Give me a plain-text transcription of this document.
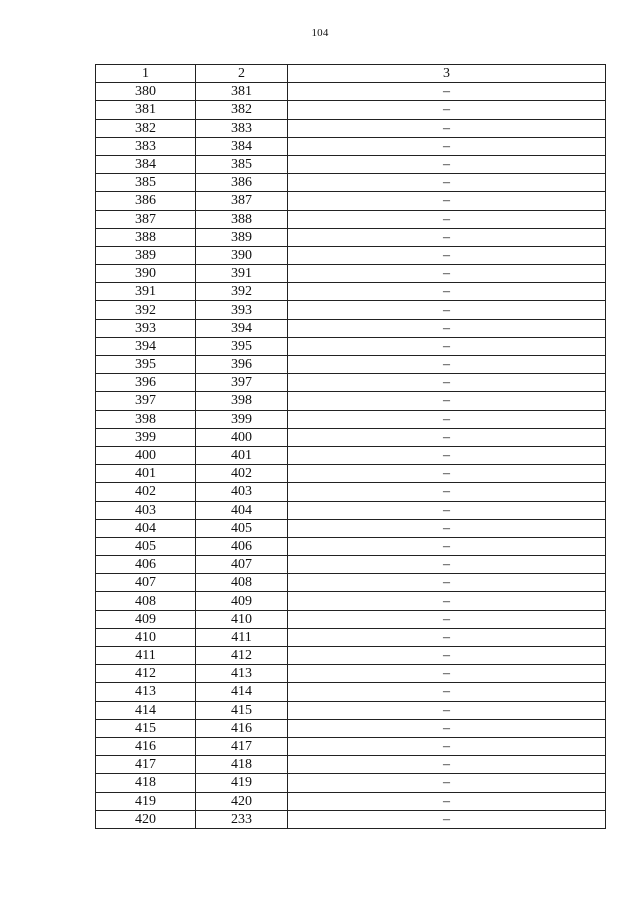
104
1	2	3
380	381	–
381	382	–
382	383	–
383	384	–
384	385	–
385	386	–
386	387	–
387	388	–
388	389	–
389	390	–
390	391	–
391	392	–
392	393	–
393	394	–
394	395	–
395	396	–
396	397	–
397	398	–
398	399	–
399	400	–
400	401	–
401	402	–
402	403	–
403	404	–
404	405	–
405	406	–
406	407	–
407	408	–
408	409	–
409	410	–
410	411	–
411	412	–
412	413	–
413	414	–
414	415	–
415	416	–
416	417	–
417	418	–
418	419	–
419	420	–
420	233	–
